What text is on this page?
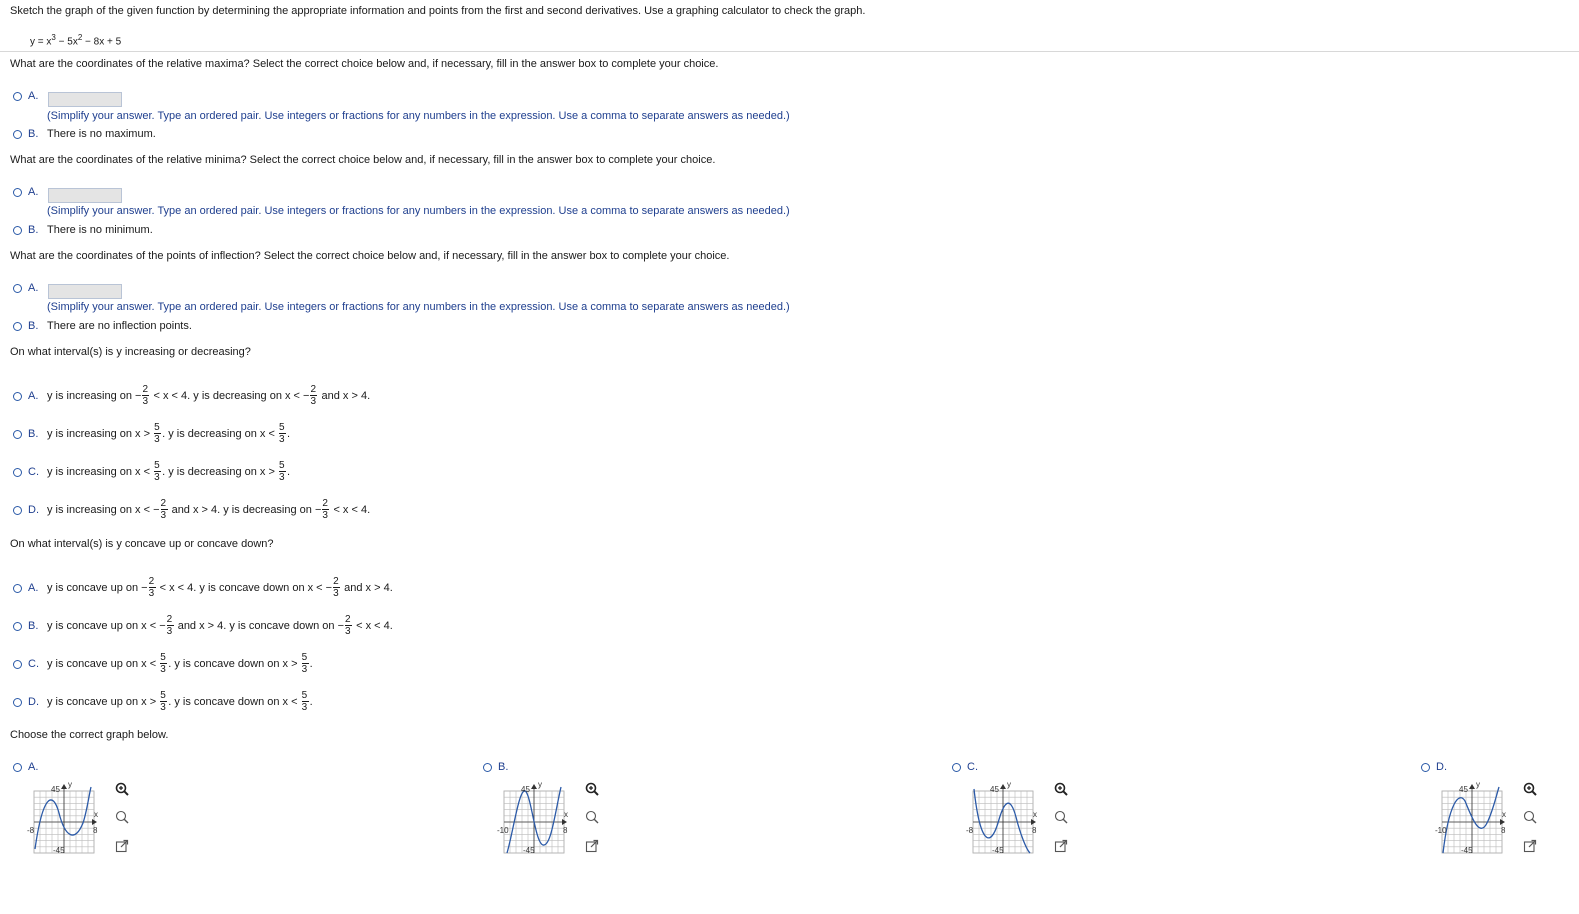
Sketch the graph of the given function by determining the appropriate information and points from the first and second derivatives. Use a graphing calculator to check the graph.
$y = x^3 - 5x^2 - 8x + 5$
What are the coordinates of the relative maxima? Select the correct choice below and, if necessary, fill in the answer box to complete your choice.
A.
(Simplify your answer. Type an ordered pair. Use integers or fractions for any numbers in the expression. Use a comma to separate answers as needed.)
B. There is no maximum.
What are the coordinates of the relative minima? Select the correct choice below and, if necessary, fill in the answer box to complete your choice.
A.
(Simplify your answer. Type an ordered pair. Use integers or fractions for any numbers in the expression. Use a comma to separate answers as needed.)
B. There is no minimum.
What are the coordinates of the points of inflection? Select the correct choice below and, if necessary, fill in the answer box to complete your choice.
A.
(Simplify your answer. Type an ordered pair. Use integers or fractions for any numbers in the expression. Use a comma to separate answers as needed.)
B. There are no inflection points.
On what interval(s) is y increasing or decreasing?
A. y is increasing on −
$\frac{2}{3}$
< x < 4. y is decreasing on x < −
$\frac{2}{3}$
and x > 4.
B. y is increasing on x >
$\frac{5}{3}$
. y is decreasing on x <
$\frac{5}{3}$
.
C. y is increasing on x <
$\frac{5}{3}$
. y is decreasing on x >
$\frac{5}{3}$
.
D. y is increasing on x < −
$\frac{2}{3}$
and x > 4. y is decreasing on −
$\frac{2}{3}$
< x < 4.
A. y is concave up on −
$\frac{2}{3}$
< x < 4. y is concave down on x < −
$\frac{2}{3}$
and x > 4.
B. y is concave up on x < −
$\frac{2}{3}$
and x > 4. y is concave down on −
$\frac{2}{3}$
< x < 4.
C. y is concave up on x <
$\frac{5}{3}$
. y is concave down on x >
$\frac{5}{3}$
.
D. y is concave up on x >
$\frac{5}{3}$
. y is concave down on x <
$\frac{5}{3}$
.
On what interval(s) is y concave up or concave down?
Choose the correct graph below.
A.
45
-45
-8	8
x
y
B.
45
-45
-10	8
x
y
C.
45
-45
-8	8
x
y
D.
45
-45
-10	8
x
y
